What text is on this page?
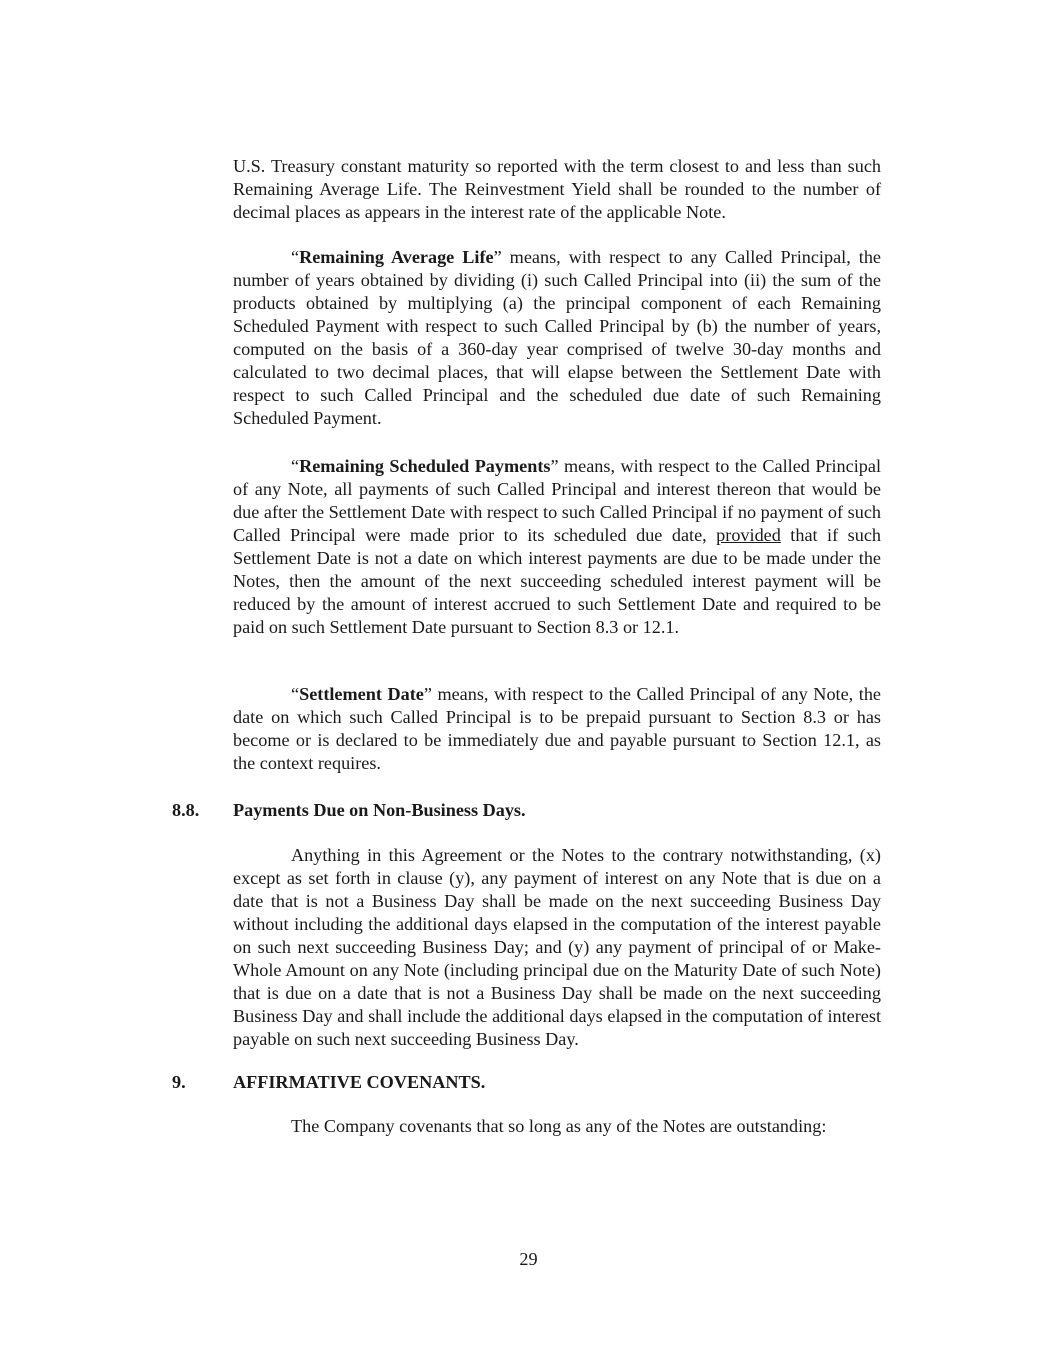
U.S. Treasury constant maturity so reported with the term closest to and less than such Remaining Average Life. The Reinvestment Yield shall be rounded to the number of decimal places as appears in the interest rate of the applicable Note.

“Remaining Average Life” means, with respect to any Called Principal, the number of years obtained by dividing (i) such Called Principal into (ii) the sum of the products obtained by multiplying (a) the principal component of each Remaining Scheduled Payment with respect to such Called Principal by (b) the number of years, computed on the basis of a 360-day year comprised of twelve 30-day months and calculated to two decimal places, that will elapse between the Settlement Date with respect to such Called Principal and the scheduled due date of such Remaining Scheduled Payment.

“Remaining Scheduled Payments” means, with respect to the Called Principal of any Note, all payments of such Called Principal and interest thereon that would be due after the Settlement Date with respect to such Called Principal if no payment of such Called Principal were made prior to its scheduled due date, provided that if such Settlement Date is not a date on which interest payments are due to be made under the Notes, then the amount of the next succeeding scheduled interest payment will be reduced by the amount of interest accrued to such Settlement Date and required to be paid on such Settlement Date pursuant to Section 8.3 or 12.1.

“Settlement Date” means, with respect to the Called Principal of any Note, the date on which such Called Principal is to be prepaid pursuant to Section 8.3 or has become or is declared to be immediately due and payable pursuant to Section 12.1, as the context requires.

8.8. Payments Due on Non-Business Days.

Anything in this Agreement or the Notes to the contrary notwithstanding, (x) except as set forth in clause (y), any payment of interest on any Note that is due on a date that is not a Business Day shall be made on the next succeeding Business Day without including the additional days elapsed in the computation of the interest payable on such next succeeding Business Day; and (y) any payment of principal of or Make-Whole Amount on any Note (including principal due on the Maturity Date of such Note) that is due on a date that is not a Business Day shall be made on the next succeeding Business Day and shall include the additional days elapsed in the computation of interest payable on such next succeeding Business Day.

9.	AFFIRMATIVE COVENANTS.

The Company covenants that so long as any of the Notes are outstanding:

29
